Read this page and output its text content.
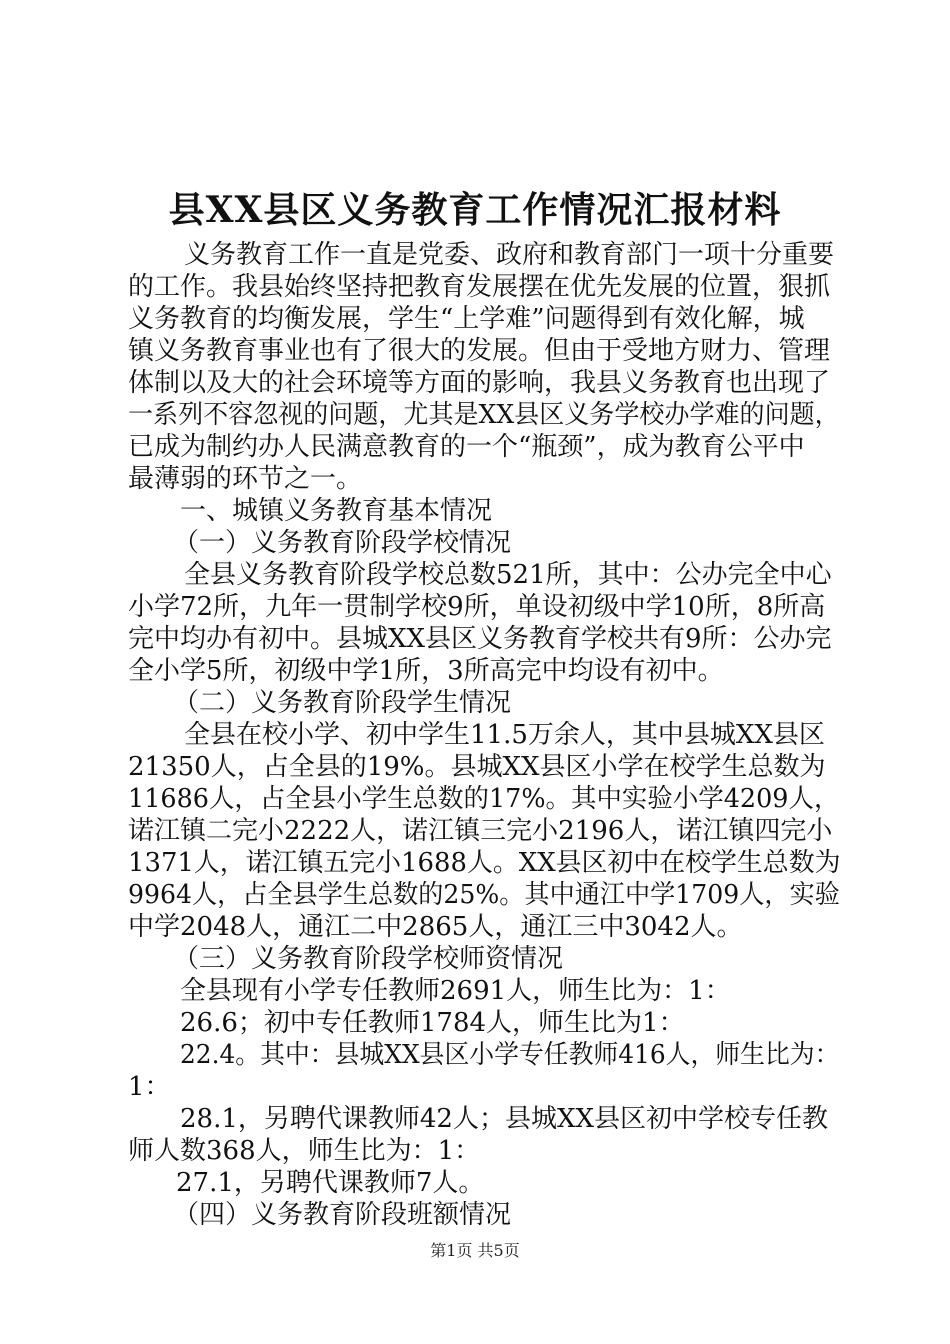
县XX县区义务教育工作情况汇报材料
义务教育工作一直是党委、政府和教育部门一项十分重要
的工作。我县始终坚持把教育发展摆在优先发展的位置，狠抓
义务教育的均衡发展，学生“上学难”问题得到有效化解，城
镇义务教育事业也有了很大的发展。但由于受地方财力、管理
体制以及大的社会环境等方面的影响，我县义务教育也出现了
一系列不容忽视的问题，尤其是XX县区义务学校办学难的问题，
已成为制约办人民满意教育的一个“瓶颈”，成为教育公平中
最薄弱的环节之一。
一、城镇义务教育基本情况
（一）义务教育阶段学校情况
全县义务教育阶段学校总数521所，其中：公办完全中心
小学72所，九年一贯制学校9所，单设初级中学10所，8所高
完中均办有初中。县城XX县区义务教育学校共有9所：公办完
全小学5所，初级中学1所，3所高完中均设有初中。
（二）义务教育阶段学生情况
全县在校小学、初中学生11.5万余人，其中县城XX县区
21350人，占全县的19%。县城XX县区小学在校学生总数为
11686人，占全县小学生总数的17%。其中实验小学4209人，
诺江镇二完小2222人，诺江镇三完小2196人，诺江镇四完小
1371人，诺江镇五完小1688人。XX县区初中在校学生总数为
9964人，占全县学生总数的25%。其中通江中学1709人，实验
中学2048人，通江二中2865人，通江三中3042人。
（三）义务教育阶段学校师资情况
全县现有小学专任教师2691人，师生比为：1：
26.6；初中专任教师1784人，师生比为1：
22.4。其中：县城XX县区小学专任教师416人，师生比为：
1：
28.1，另聘代课教师42人；县城XX县区初中学校专任教
师人数368人，师生比为：1：
27.1，另聘代课教师7人。
（四）义务教育阶段班额情况
第1页 共5页
